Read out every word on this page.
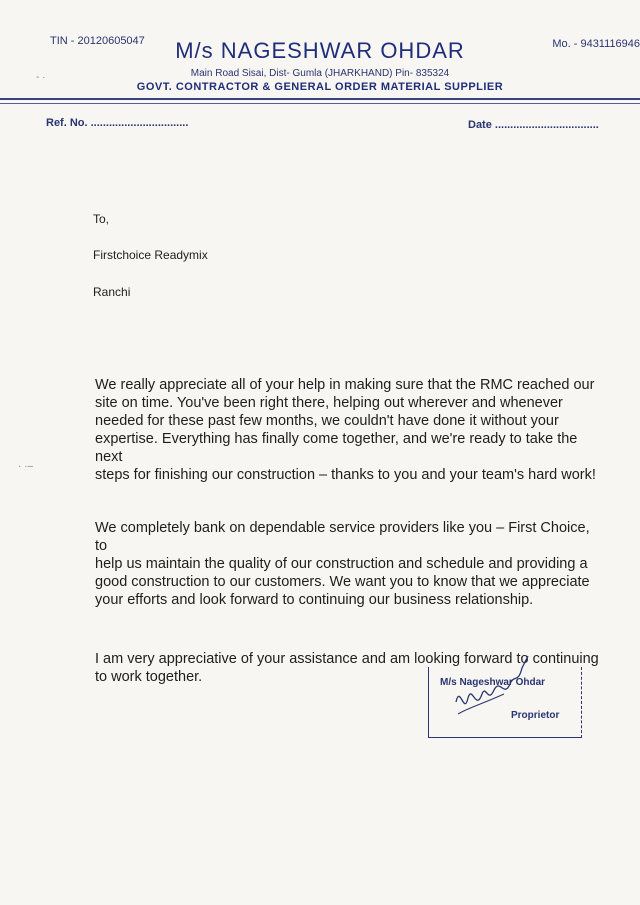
TIN - 20120605047	Mo. - 9431116946
M/s NAGESHWAR OHDAR
Main Road Sisai, Dist- Gumla (JHARKHAND) Pin- 835324
GOVT. CONTRACTOR & GENERAL ORDER MATERIAL SUPPLIER
Ref. No. ................................	Date ..................................
- ·
· ·‒
To,
Firstchoice Readymix
Ranchi
We really appreciate all of your help in making sure that the RMC reached our
site on time. You've been right there, helping out wherever and whenever
needed for these past few months, we couldn't have done it without your
expertise. Everything has finally come together, and we're ready to take the next
steps for finishing our construction – thanks to you and your team's hard work!
We completely bank on dependable service providers like you – First Choice, to
help us maintain the quality of our construction and schedule and providing a
good construction to our customers. We want you to know that we appreciate
your efforts and look forward to continuing our business relationship.
I am very appreciative of your assistance and am looking forward to continuing
to work together.	M/s Nageshwar Ohdar
Proprietor
